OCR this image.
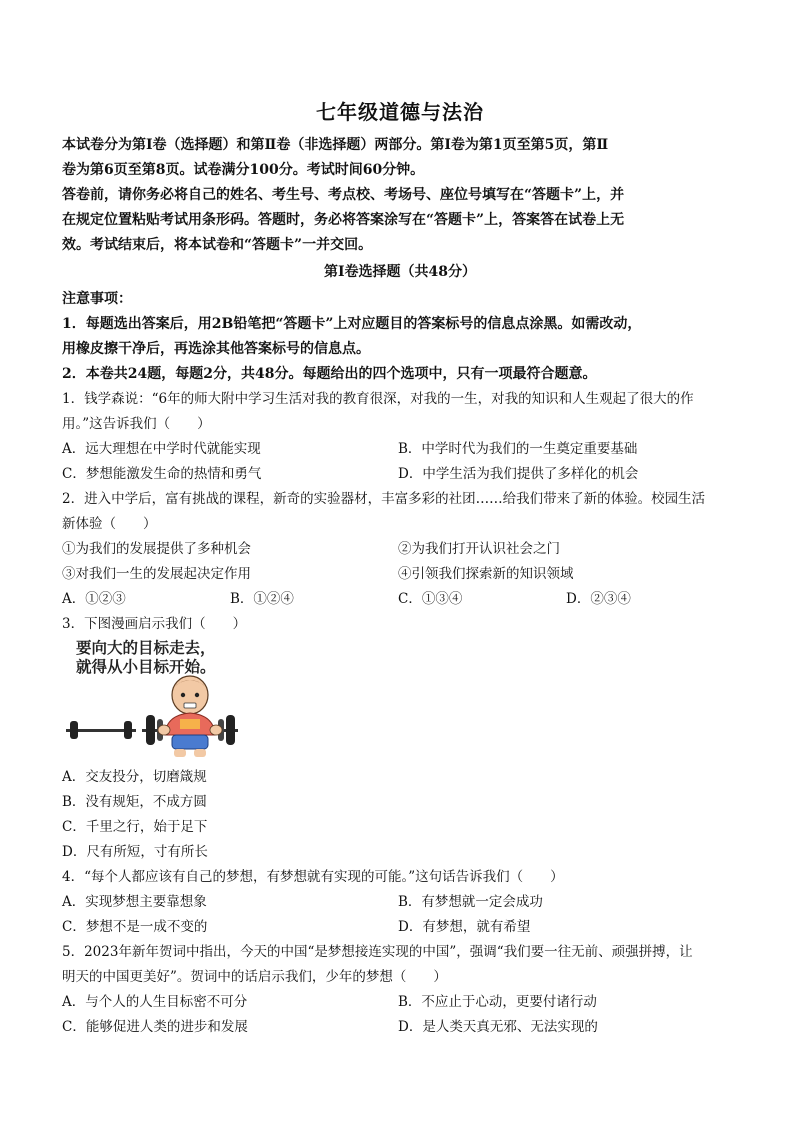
七年级道德与法治

本试卷分为第Ⅰ卷（选择题）和第Ⅱ卷（非选择题）两部分。第Ⅰ卷为第1页至第5页，第Ⅱ

卷为第6页至第8页。试卷满分100分。考试时间60分钟。

答卷前，请你务必将自己的姓名、考生号、考点校、考场号、座位号填写在“答题卡”上，并

在规定位置粘贴考试用条形码。答题时，务必将答案涂写在“答题卡”上，答案答在试卷上无

效。考试结束后，将本试卷和“答题卡”一并交回。

第Ⅰ卷选择题（共48分）

注意事项：

1．每题选出答案后，用2B铅笔把“答题卡”上对应题目的答案标号的信息点涂黑。如需改动，

用橡皮擦干净后，再选涂其他答案标号的信息点。

2．本卷共24题，每题2分，共48分。每题给出的四个选项中，只有一项最符合题意。

1．钱学森说：“6年的师大附中学习生活对我的教育很深，对我的一生，对我的知识和人生观起了很大的作

用。”这告诉我们（　　）

A．远大理想在中学时代就能实现	B．中学时代为我们的一生奠定重要基础
C．梦想能激发生命的热情和勇气	D．中学生活为我们提供了多样化的机会

2．进入中学后，富有挑战的课程，新奇的实验器材，丰富多彩的社团……给我们带来了新的体验。校园生活

新体验（　　）

①为我们的发展提供了多种机会	②为我们打开认识社会之门
③对我们一生的发展起决定作用	④引领我们探索新的知识领域
A．①②③	B．①②④	C．①③④	D．②③④

3．下图漫画启示我们（　　）

要向大的目标走去，
就得从小目标开始。
A．交友投分，切磨箴规
B．没有规矩，不成方圆
C．千里之行，始于足下
D．尺有所短，寸有所长

4．“每个人都应该有自己的梦想，有梦想就有实现的可能。”这句话告诉我们（　　）

A．实现梦想主要靠想象	B．有梦想就一定会成功
C．梦想不是一成不变的	D．有梦想，就有希望

5．2023年新年贺词中指出，今天的中国“是梦想接连实现的中国”，强调“我们要一往无前、顽强拼搏，让

明天的中国更美好”。贺词中的话启示我们，少年的梦想（　　）

A．与个人的人生目标密不可分	B．不应止于心动，更要付诸行动
C．能够促进人类的进步和发展	D．是人类天真无邪、无法实现的
